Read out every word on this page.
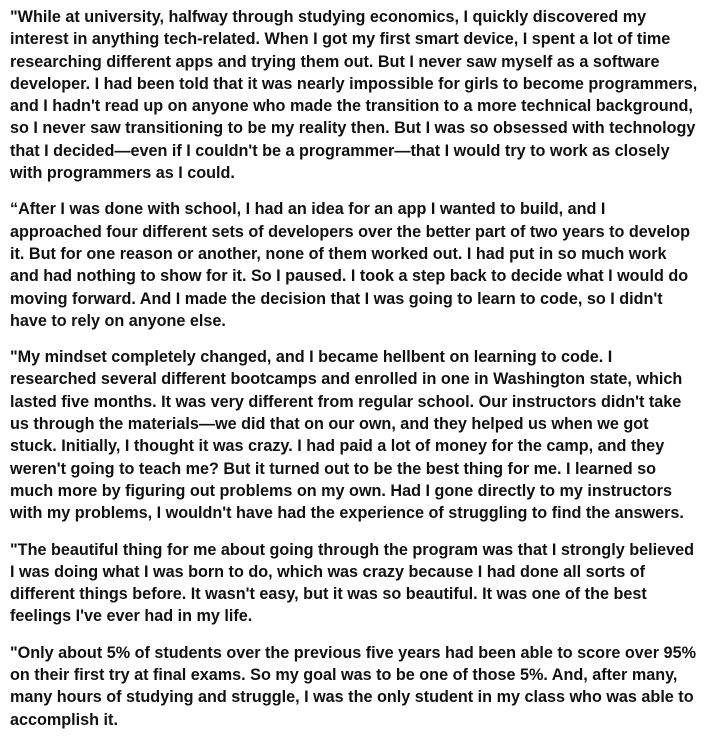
"While at university, halfway through studying economics, I quickly discovered my
interest in anything tech-related. When I got my first smart device, I spent a lot of time
researching different apps and trying them out. But I never saw myself as a software
developer. I had been told that it was nearly impossible for girls to become programmers,
and I hadn't read up on anyone who made the transition to a more technical background,
so I never saw transitioning to be my reality then. But I was so obsessed with technology
that I decided—even if I couldn't be a programmer—that I would try to work as closely
with programmers as I could.

“After I was done with school, I had an idea for an app I wanted to build, and I
approached four different sets of developers over the better part of two years to develop
it. But for one reason or another, none of them worked out. I had put in so much work
and had nothing to show for it. So I paused. I took a step back to decide what I would do
moving forward. And I made the decision that I was going to learn to code, so I didn't
have to rely on anyone else.

"My mindset completely changed, and I became hellbent on learning to code. I
researched several different bootcamps and enrolled in one in Washington state, which
lasted five months. It was very different from regular school. Our instructors didn't take
us through the materials—we did that on our own, and they helped us when we got
stuck. Initially, I thought it was crazy. I had paid a lot of money for the camp, and they
weren't going to teach me? But it turned out to be the best thing for me. I learned so
much more by figuring out problems on my own. Had I gone directly to my instructors
with my problems, I wouldn't have had the experience of struggling to find the answers.

"The beautiful thing for me about going through the program was that I strongly believed
I was doing what I was born to do, which was crazy because I had done all sorts of
different things before. It wasn't easy, but it was so beautiful. It was one of the best
feelings I've ever had in my life.

"Only about 5% of students over the previous five years had been able to score over 95%
on their first try at final exams. So my goal was to be one of those 5%. And, after many,
many hours of studying and struggle, I was the only student in my class who was able to
accomplish it.
